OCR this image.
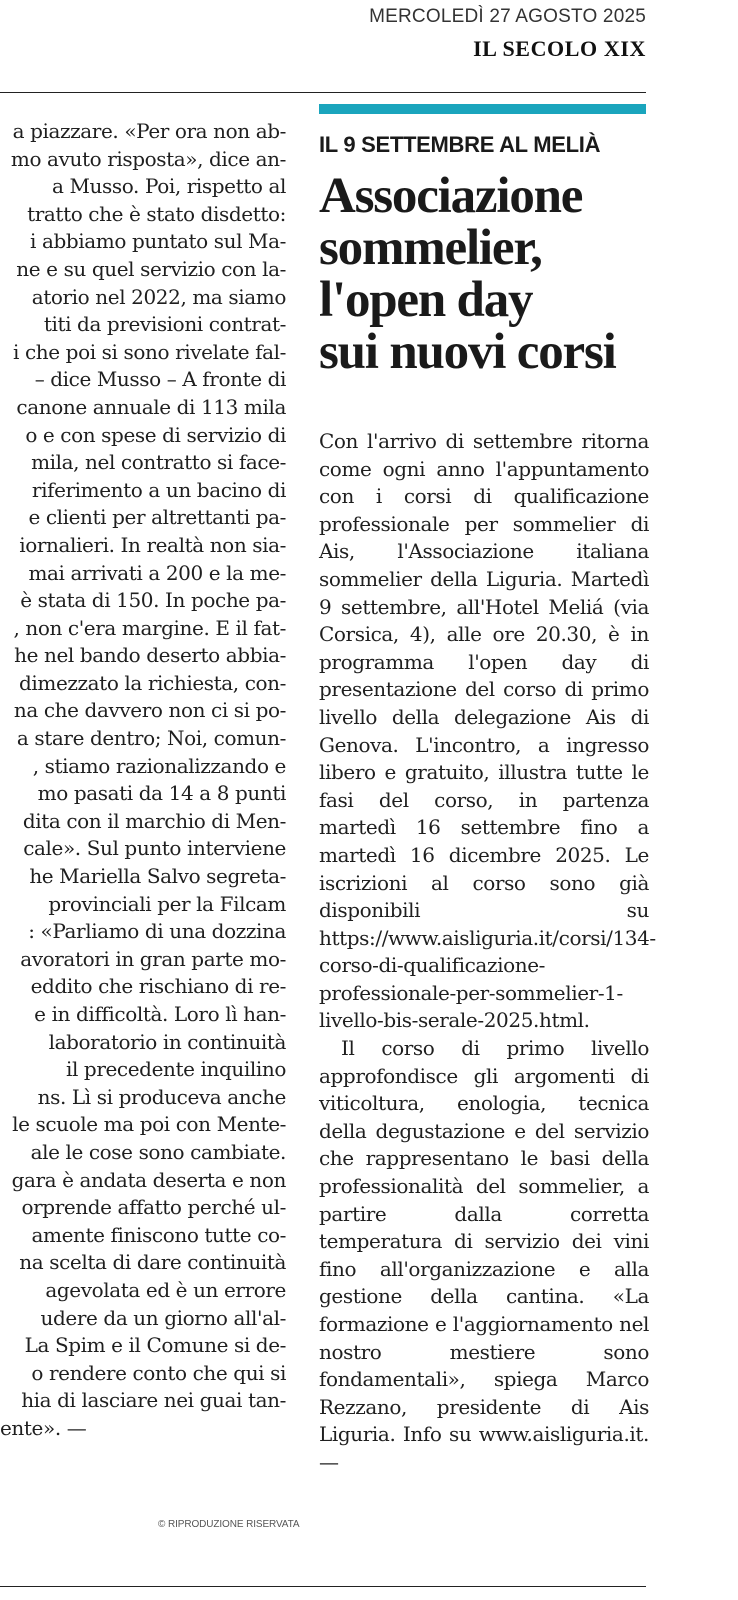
MERCOLEDÌ 27 AGOSTO 2025
IL SECOLO XIX
a piazzare. «Per ora non ab-
mo avuto risposta», dice an-
a Musso. Poi, rispetto al
tratto che è stato disdetto:
i abbiamo puntato sul Ma-
ne e su quel servizio con la-
atorio nel 2022, ma siamo
titi da previsioni contrat-
i che poi si sono rivelate fal-
– dice Musso – A fronte di
canone annuale di 113 mila
o e con spese di servizio di
mila, nel contratto si face-
riferimento a un bacino di
e clienti per altrettanti pa-
iornalieri. In realtà non sia-
mai arrivati a 200 e la me-
è stata di 150. In poche pa-
, non c'era margine. E il fat-
he nel bando deserto abbia-
dimezzato la richiesta, con-
na che davvero non ci si po-
a stare dentro; Noi, comun-
, stiamo razionalizzando e
mo pasati da 14 a 8 punti
dita con il marchio di Men-
cale». Sul punto interviene
he Mariella Salvo segreta-
provinciali per la Filcam
: «Parliamo di una dozzina
avoratori in gran parte mo-
eddito che rischiano di re-
e in difficoltà. Loro lì han-
laboratorio in continuità
il precedente inquilino
ns. Lì si produceva anche
le scuole ma poi con Mente-
ale le cose sono cambiate.
gara è andata deserta e non
orprende affatto perché ul-
amente finiscono tutte co-
na scelta di dare continuità
agevolata ed è un errore
udere da un giorno all'al-
La Spim e il Comune si de-
o rendere conto che qui si
hia di lasciare nei guai tan-
ente». —
© RIPRODUZIONE RISERVATA
IL 9 SETTEMBRE AL MELIÀ
Associazione
sommelier,
l'open day
sui nuovi corsi

Con l'arrivo di settembre ritorna come ogni anno l'appuntamento con i corsi di qualificazione professionale per sommelier di Ais, l'Associazione italiana sommelier della Liguria. Martedì 9 settembre, all'Hotel Meliá (via Corsica, 4), alle ore 20.30, è in programma l'open day di presentazione del corso di primo livello della delegazione Ais di Genova. L'incontro, a ingresso libero e gratuito, illustra tutte le fasi del corso, in partenza martedì 16 settembre fino a martedì 16 dicembre 2025. Le iscrizioni al corso sono già disponibili su https://www.aisliguria.it/corsi/134-corso-di-qualificazione-professionale-per-sommelier-1-livello-bis-serale-2025.html.

Il corso di primo livello approfondisce gli argomenti di viticoltura, enologia, tecnica della degustazione e del servizio che rappresentano le basi della professionalità del sommelier, a partire dalla corretta temperatura di servizio dei vini fino all'organizzazione e alla gestione della cantina. «La formazione e l'aggiornamento nel nostro mestiere sono fondamentali», spiega Marco Rezzano, presidente di Ais Liguria. Info su www.aisliguria.it. —
